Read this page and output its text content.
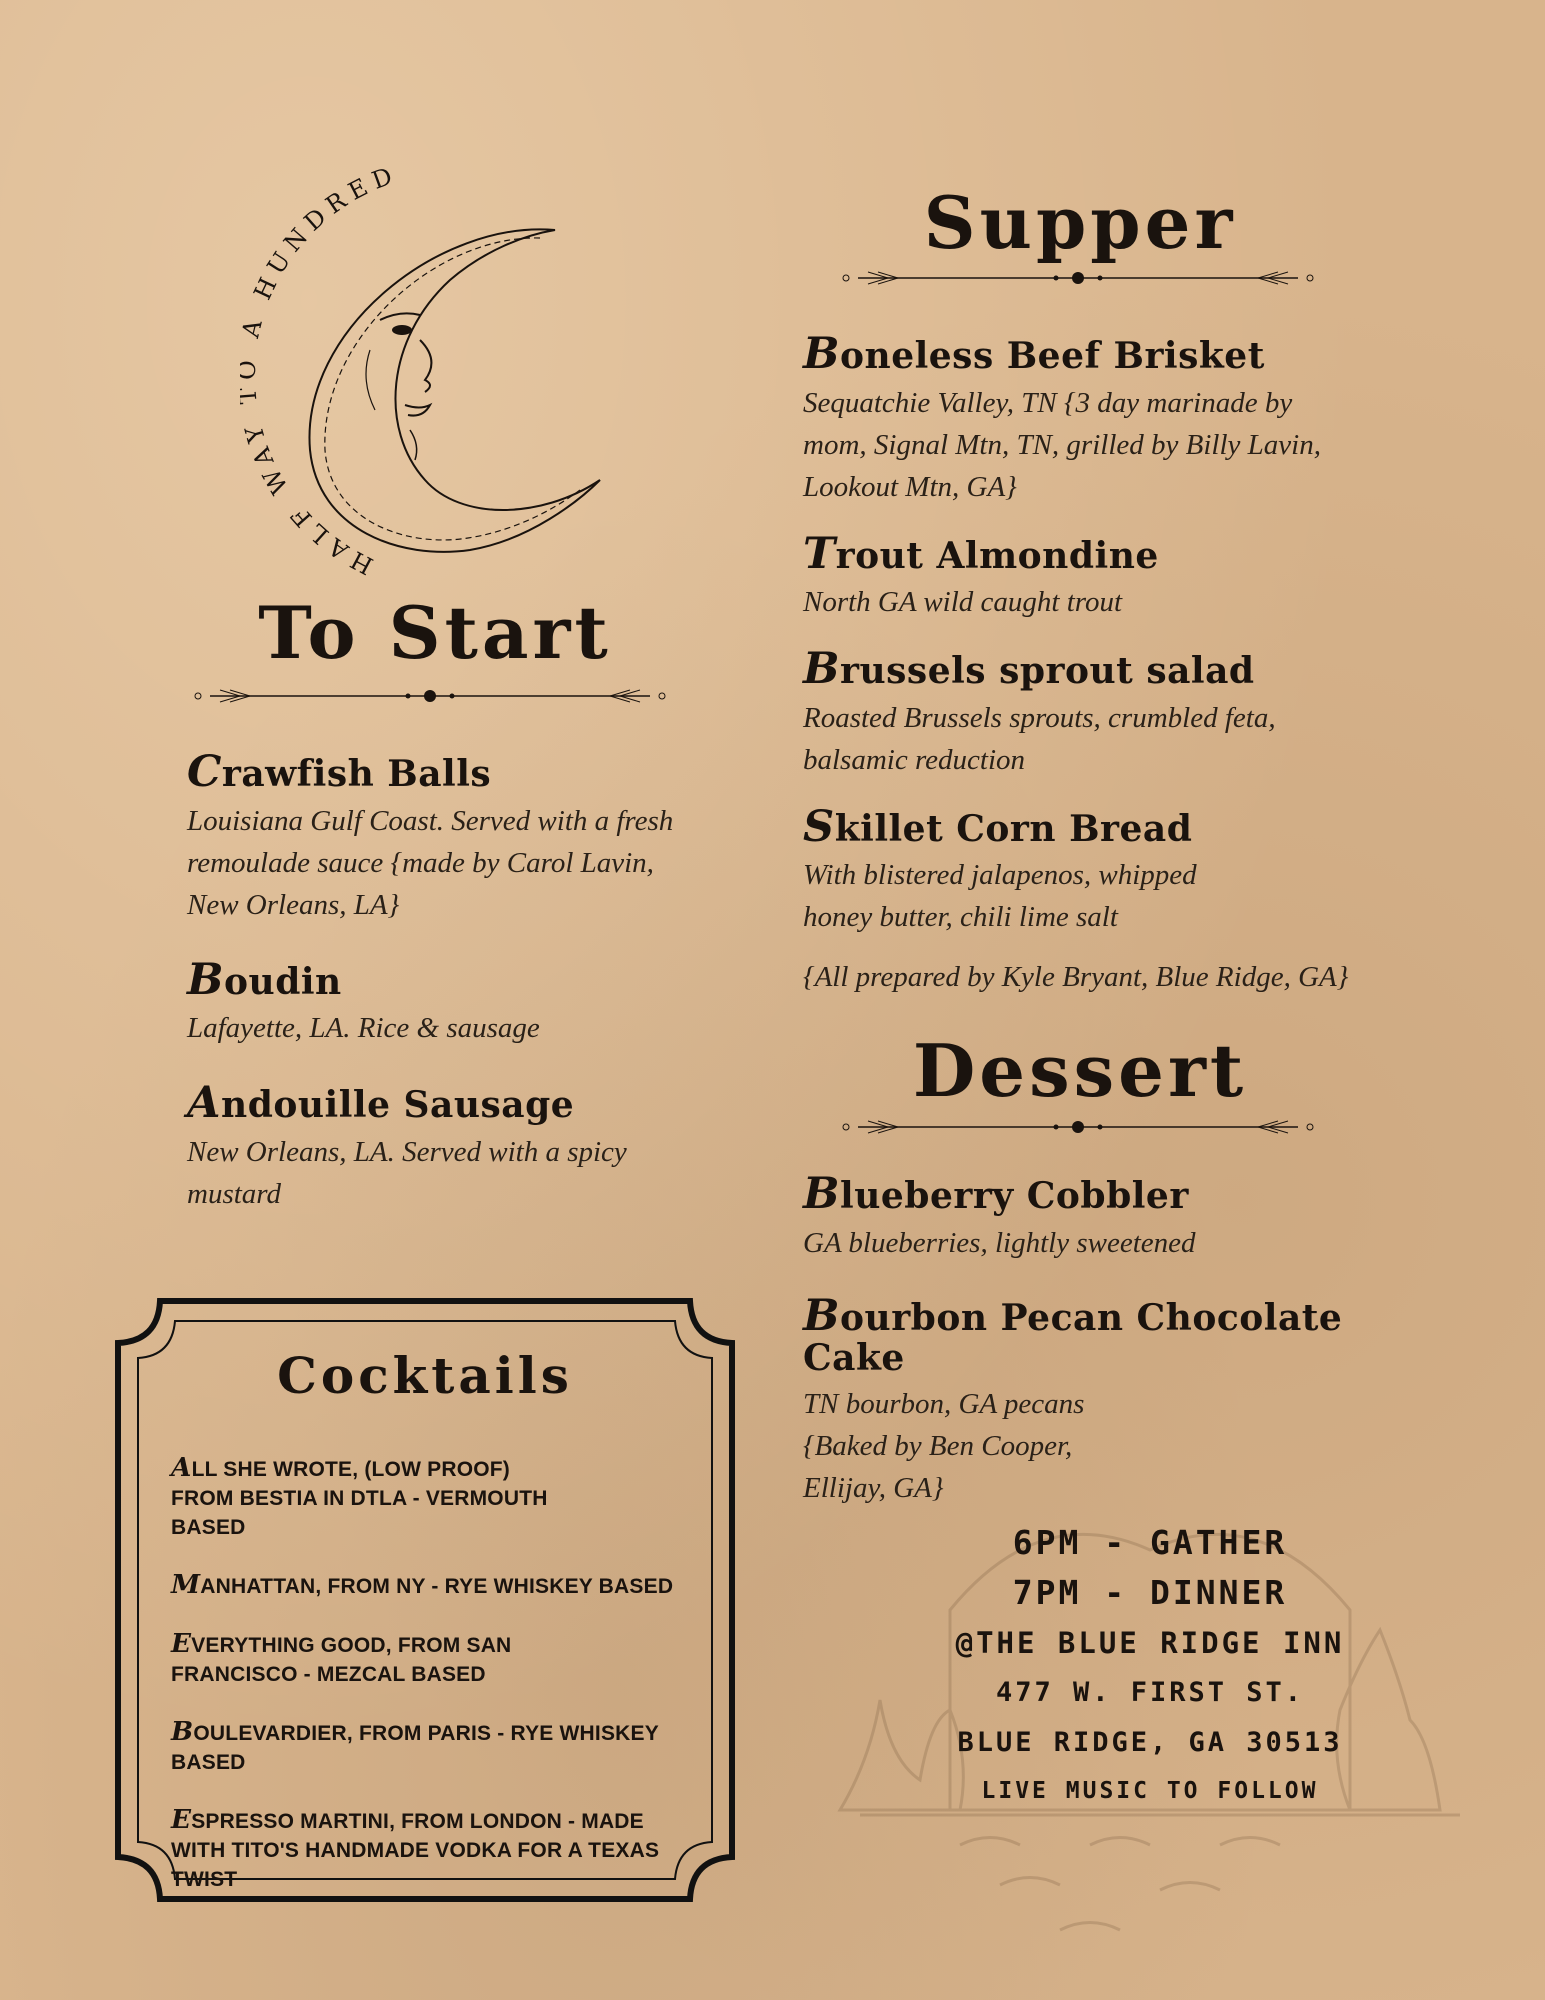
HALF WAY HUNDRED
To Start
Crawfish Balls
Louisiana Gulf Coast. Served with a fresh remoulade sauce {made by Carol Lavin, New Orleans, LA}
Boudin
Lafayette, LA. Rice & sausage
Andouille Sausage
New Orleans, LA. Served with a spicy mustard
Cocktails
ALL SHE WROTE, (LOW PROOF) FROM BESTIA IN DTLA - VERMOUTH BASED
MANHATTAN, FROM NY - RYE WHISKEY BASED
EVERYTHING GOOD, FROM SAN FRANCISCO - MEZCAL BASED
BOULEVARDIER, FROM PARIS - RYE WHISKEY BASED
ESPRESSO MARTINI, FROM LONDON - MADE WITH TITO'S HANDMADE VODKA FOR A TEXAS TWIST
Supper
Boneless Beef Brisket
Sequatchie Valley, TN {3 day marinade by mom, Signal Mtn, TN, grilled by Billy Lavin, Lookout Mtn, GA}
Trout Almondine
North GA wild caught trout
Brussels sprout salad
Roasted Brussels sprouts, crumbled feta, balsamic reduction
Skillet Corn Bread
With blistered jalapenos, whipped honey butter, chili lime salt
{All prepared by Kyle Bryant, Blue Ridge, GA}
Dessert
Blueberry Cobbler
GA blueberries, lightly sweetened
Bourbon Pecan Chocolate Cake
TN bourbon, GA pecans {Baked by Ben Cooper, Ellijay, GA}
6PM - GATHER
7PM - DINNER
@THE BLUE RIDGE INN
477 W. FIRST ST.
BLUE RIDGE, GA 30513
LIVE MUSIC TO FOLLOW
